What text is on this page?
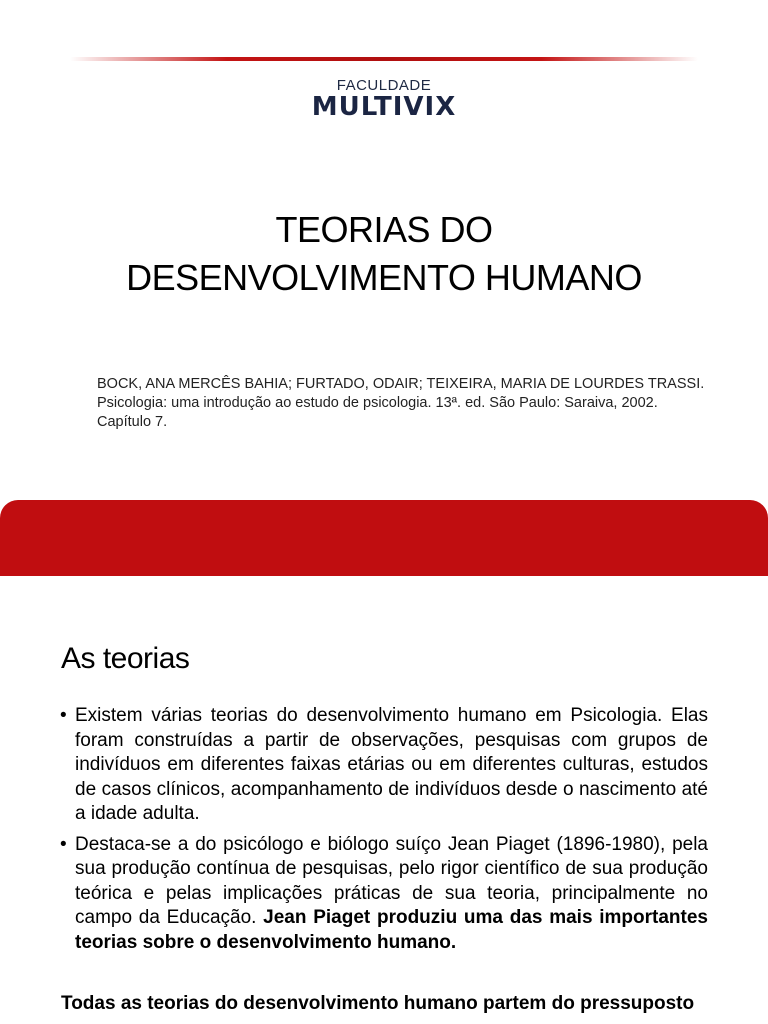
FACULDADE
MULTIVIX
TEORIAS DO
DESENVOLVIMENTO HUMANO
BOCK, ANA MERCÊS BAHIA; FURTADO, ODAIR; TEIXEIRA, MARIA DE LOURDES TRASSI.
Psicologia: uma introdução ao estudo de psicologia. 13ª. ed. São Paulo: Saraiva, 2002.
Capítulo 7.
As teorias
• Existem várias teorias do desenvolvimento humano em Psicologia. Elas foram construídas a partir de observações, pesquisas com grupos de indivíduos em diferentes faixas etárias ou em diferentes culturas, estudos de casos clínicos, acompanhamento de indivíduos desde o nascimento até a idade adulta.
• Destaca-se a do psicólogo e biólogo suíço Jean Piaget (1896-1980), pela sua produção contínua de pesquisas, pelo rigor científico de sua produção teórica e pelas implicações práticas de sua teoria, principalmente no campo da Educação. Jean Piaget produziu uma das mais importantes teorias sobre o desenvolvimento humano.
Todas as teorias do desenvolvimento humano partem do pressuposto
